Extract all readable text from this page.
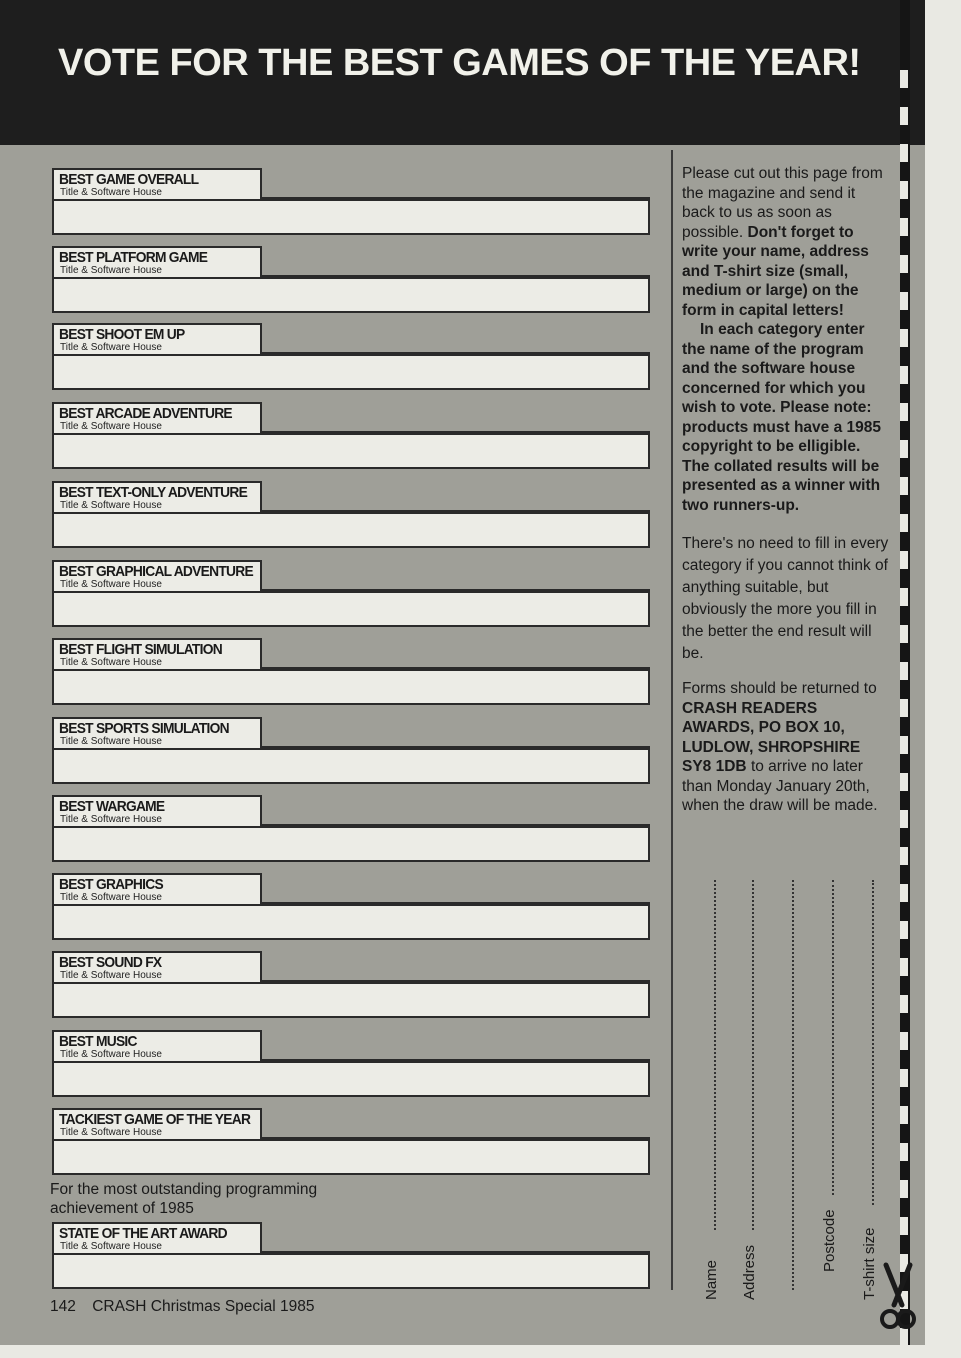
VOTE FOR THE BEST GAMES OF THE YEAR!
BEST GAME OVERALL
Title & Software House
BEST PLATFORM GAME
Title & Software House
BEST SHOOT EM UP
Title & Software House
BEST ARCADE ADVENTURE
Title & Software House
BEST TEXT-ONLY ADVENTURE
Title & Software House
BEST GRAPHICAL ADVENTURE
Title & Software House
BEST FLIGHT SIMULATION
Title & Software House
BEST SPORTS SIMULATION
Title & Software House
BEST WARGAME
Title & Software House
BEST GRAPHICS
Title & Software House
BEST SOUND FX
Title & Software House
BEST MUSIC
Title & Software House
TACKIEST GAME OF THE YEAR
Title & Software House
STATE OF THE ART AWARD
Title & Software House
For the most outstanding programming achievement of 1985

Please cut out this page from the magazine and send it back to us as soon as possible. Don't forget to write your name, address and T-shirt size (small, medium or large) on the form in capital letters!

In each category enter the name of the program and the software house concerned for which you wish to vote. Please note: products must have a 1985 copyright to be elligible. The collated results will be presented as a winner with two runners-up.

There's no need to fill in every category if you cannot think of anything suitable, but obviously the more you fill in the better the end result will be.

Forms should be returned to CRASH READERS AWARDS, PO BOX 10, LUDLOW, SHROPSHIRE SY8 1DB to arrive no later than Monday January 20th, when the draw will be made.

Name Address
Postcode T-shirt size
142 CRASH Christmas Special 1985
